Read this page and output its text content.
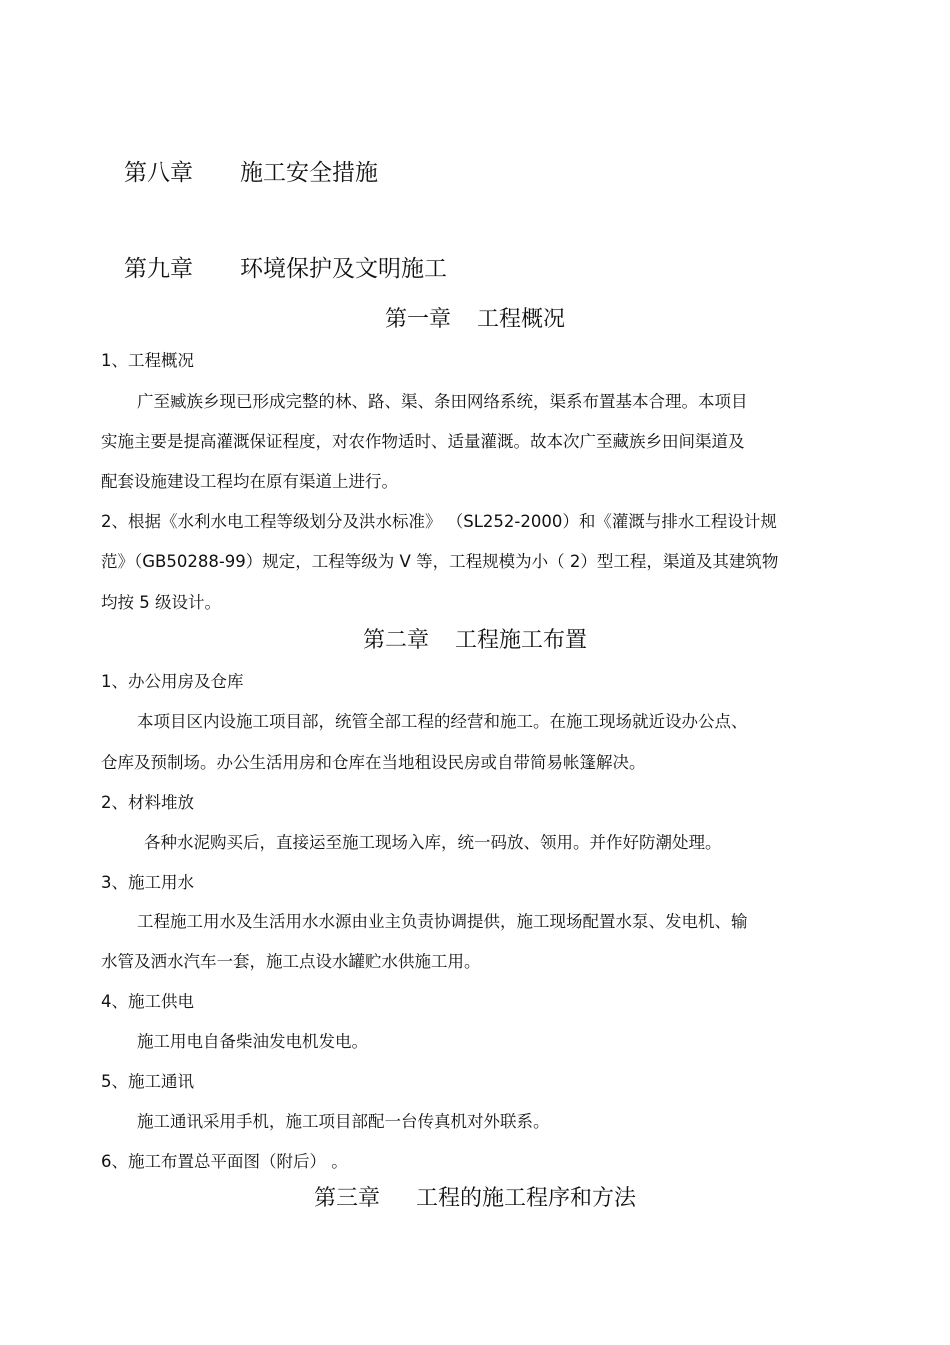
第八章 施工安全措施
第九章 环境保护及文明施工
第一章 工程概况
1、工程概况
广至臧族乡现已形成完整的林、路、渠、条田网络系统，渠系布置基本合理。本项目
实施主要是提高灌溉保证程度，对农作物适时、适量灌溉。故本次广至藏族乡田间渠道及
配套设施建设工程均在原有渠道上进行。
2、根据《水利水电工程等级划分及洪水标准》 （SL252-2000）和《灌溉与排水工程设计规
范》（GB50288-99）规定，工程等级为 V 等，工程规模为小（ 2）型工程，渠道及其建筑物
均按 5 级设计。
第二章 工程施工布置
1、办公用房及仓库
本项目区内设施工项目部，统管全部工程的经营和施工。在施工现场就近设办公点、
仓库及预制场。办公生活用房和仓库在当地租设民房或自带简易帐篷解决。
2、材料堆放
各种水泥购买后，直接运至施工现场入库，统一码放、领用。并作好防潮处理。
3、施工用水
工程施工用水及生活用水水源由业主负责协调提供，施工现场配置水泵、发电机、输
水管及洒水汽车一套，施工点设水罐贮水供施工用。
4、施工供电
施工用电自备柴油发电机发电。
5、施工通讯
施工通讯采用手机，施工项目部配一台传真机对外联系。
6、施工布置总平面图（附后） 。
第三章 工程的施工程序和方法
